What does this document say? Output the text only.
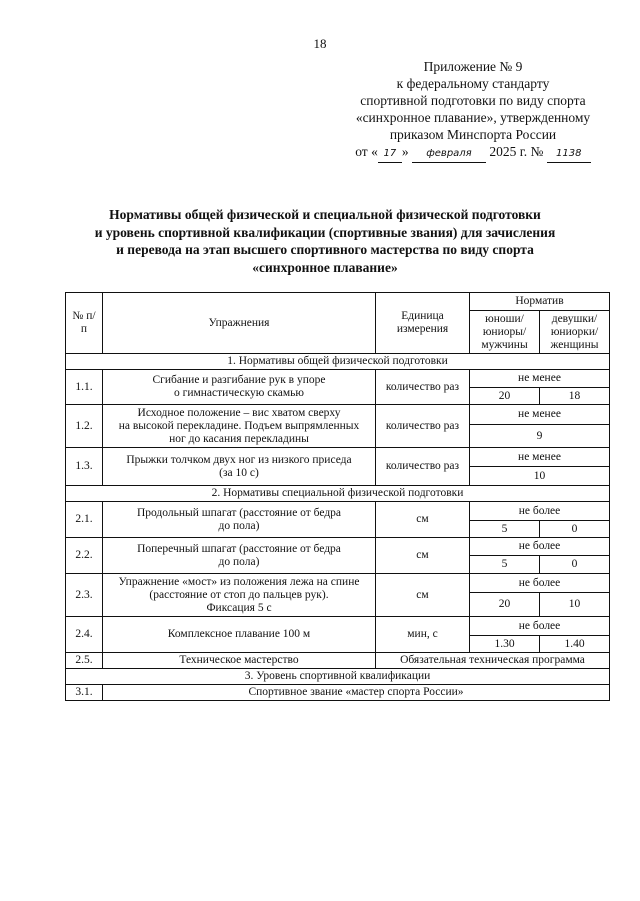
18
Приложение № 9
к федеральному стандарту
спортивной подготовки по виду спорта
«синхронное плавание», утвержденному
приказом Минспорта России
от « 17 » февраля 2025 г. № 1138
Нормативы общей физической и специальной физической подготовки
и уровень спортивной квалификации (спортивные звания) для зачисления
и перевода на этап высшего спортивного мастерства по виду спорта
«синхронное плавание»
№ п/п	Упражнения	Единица измерения	Норматив	
			юноши/ юниоры/ мужчины	девушки/ юниорки/ женщины
1. Нормативы общей физической подготовки				
1.1.	Сгибание и разгибание рук в упоре
о гимнастическую скамью	количество раз	не менее	
			20	18
1.2.	Исходное положение – вис хватом сверху
на высокой перекладине. Подъем выпрямленных
ног до касания перекладины	количество раз	не менее	
			9	
1.3.	Прыжки толчком двух ног из низкого приседа
(за 10 с)	количество раз	не менее	
			10	
2. Нормативы специальной физической подготовки				
2.1.	Продольный шпагат (расстояние от бедра
до пола)	см	не более	
			5	0
2.2.	Поперечный шпагат (расстояние от бедра
до пола)	см	не более	
			5	0
2.3.	Упражнение «мост» из положения лежа на спине
(расстояние от стоп до пальцев рук).
Фиксация 5 с	см	не более	
			20	10
2.4.	Комплексное плавание 100 м	мин, с	не более	
			1.30	1.40
2.5.	Техническое мастерство	Обязательная техническая программа		
3. Уровень спортивной квалификации				
3.1.	Спортивное звание «мастер спорта России»			
